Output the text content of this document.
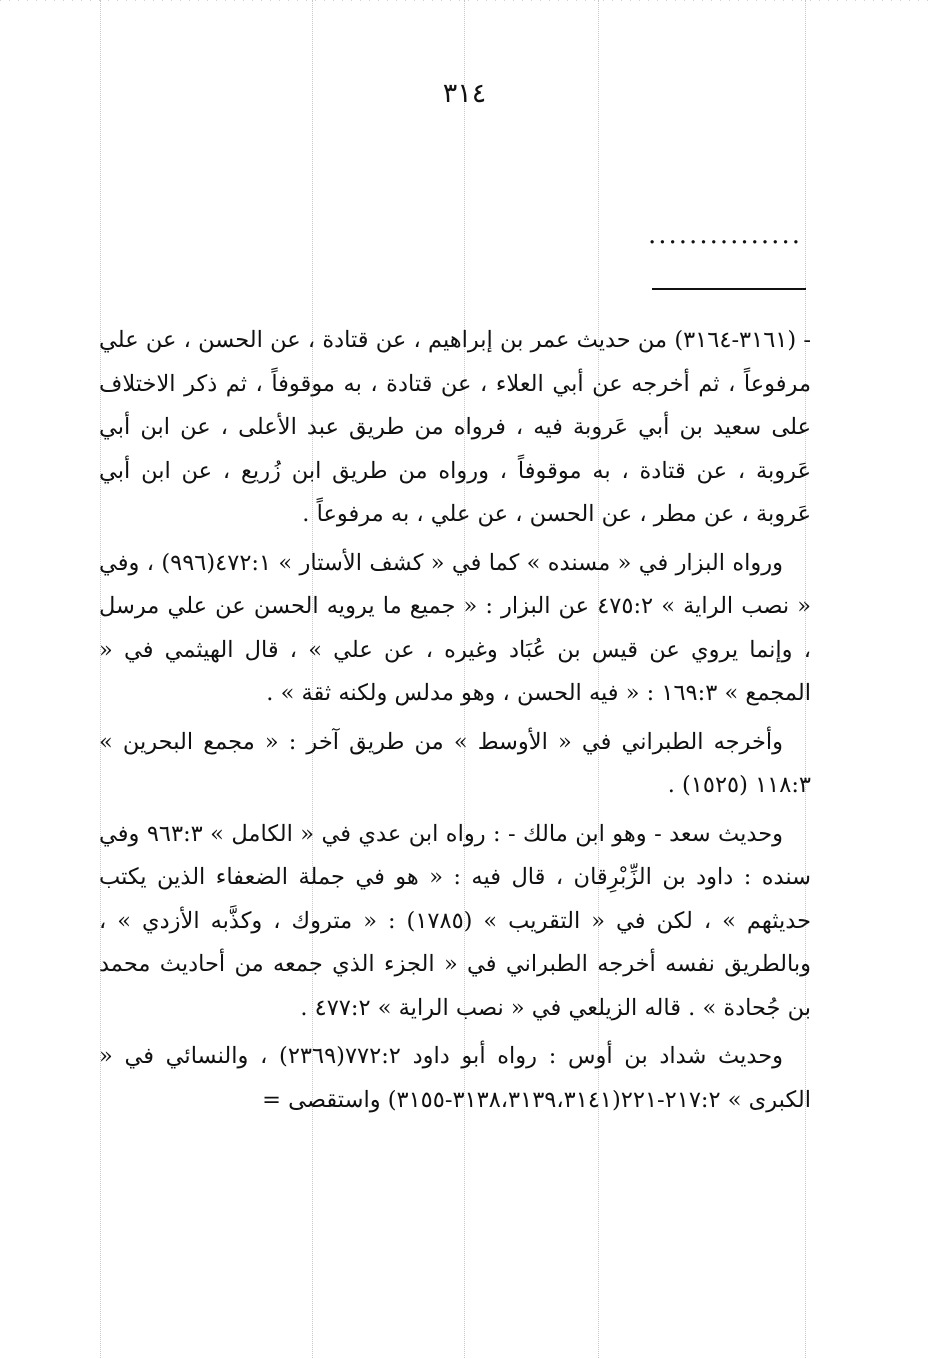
٣١٤
...............

- (٣١٦١-٣١٦٤) من حديث عمر بن إبراهيم ، عن قتادة ، عن الحسن ، عن علي مرفوعاً ، ثم أخرجه عن أبي العلاء ، عن قتادة ، به موقوفاً ، ثم ذكر الاختلاف على سعيد بن أبي عَروبة فيه ، فرواه من طريق عبد الأعلى ، عن ابن أبي عَروبة ، عن قتادة ، به موقوفاً ، ورواه من طريق ابن زُريع ، عن ابن أبي عَروبة ، عن مطر ، عن الحسن ، عن علي ، به مرفوعاً .

ورواه البزار في « مسنده » كما في « كشف الأستار » ٤٧٢:١(٩٩٦) ، وفي « نصب الراية » ٤٧٥:٢ عن البزار : « جميع ما يرويه الحسن عن علي مرسل ، وإنما يروي عن قيس بن عُبَاد وغيره ، عن علي » ، قال الهيثمي في « المجمع » ١٦٩:٣ : « فيه الحسن ، وهو مدلس ولكنه ثقة » .

وأخرجه الطبراني في « الأوسط » من طريق آخر : « مجمع البحرين » ١١٨:٣ (١٥٢٥) .

وحديث سعد - وهو ابن مالك - : رواه ابن عدي في « الكامل » ٩٦٣:٣ وفي سنده : داود بن الزِّبْرِقان ، قال فيه : « هو في جملة الضعفاء الذين يكتب حديثهم » ، لكن في « التقريب » (١٧٨٥) : « متروك ، وكذَّبه الأزدي » ، وبالطريق نفسه أخرجه الطبراني في « الجزء الذي جمعه من أحاديث محمد بن جُحادة » . قاله الزيلعي في « نصب الراية » ٤٧٧:٢ .

وحديث شداد بن أوس : رواه أبو داود ٧٧٢:٢(٢٣٦٩) ، والنسائي في « الكبرى » ٢١٧:٢-٢٢١(٣١٣٨،٣١٣٩،٣١٤١-٣١٥٥) واستقصى =
